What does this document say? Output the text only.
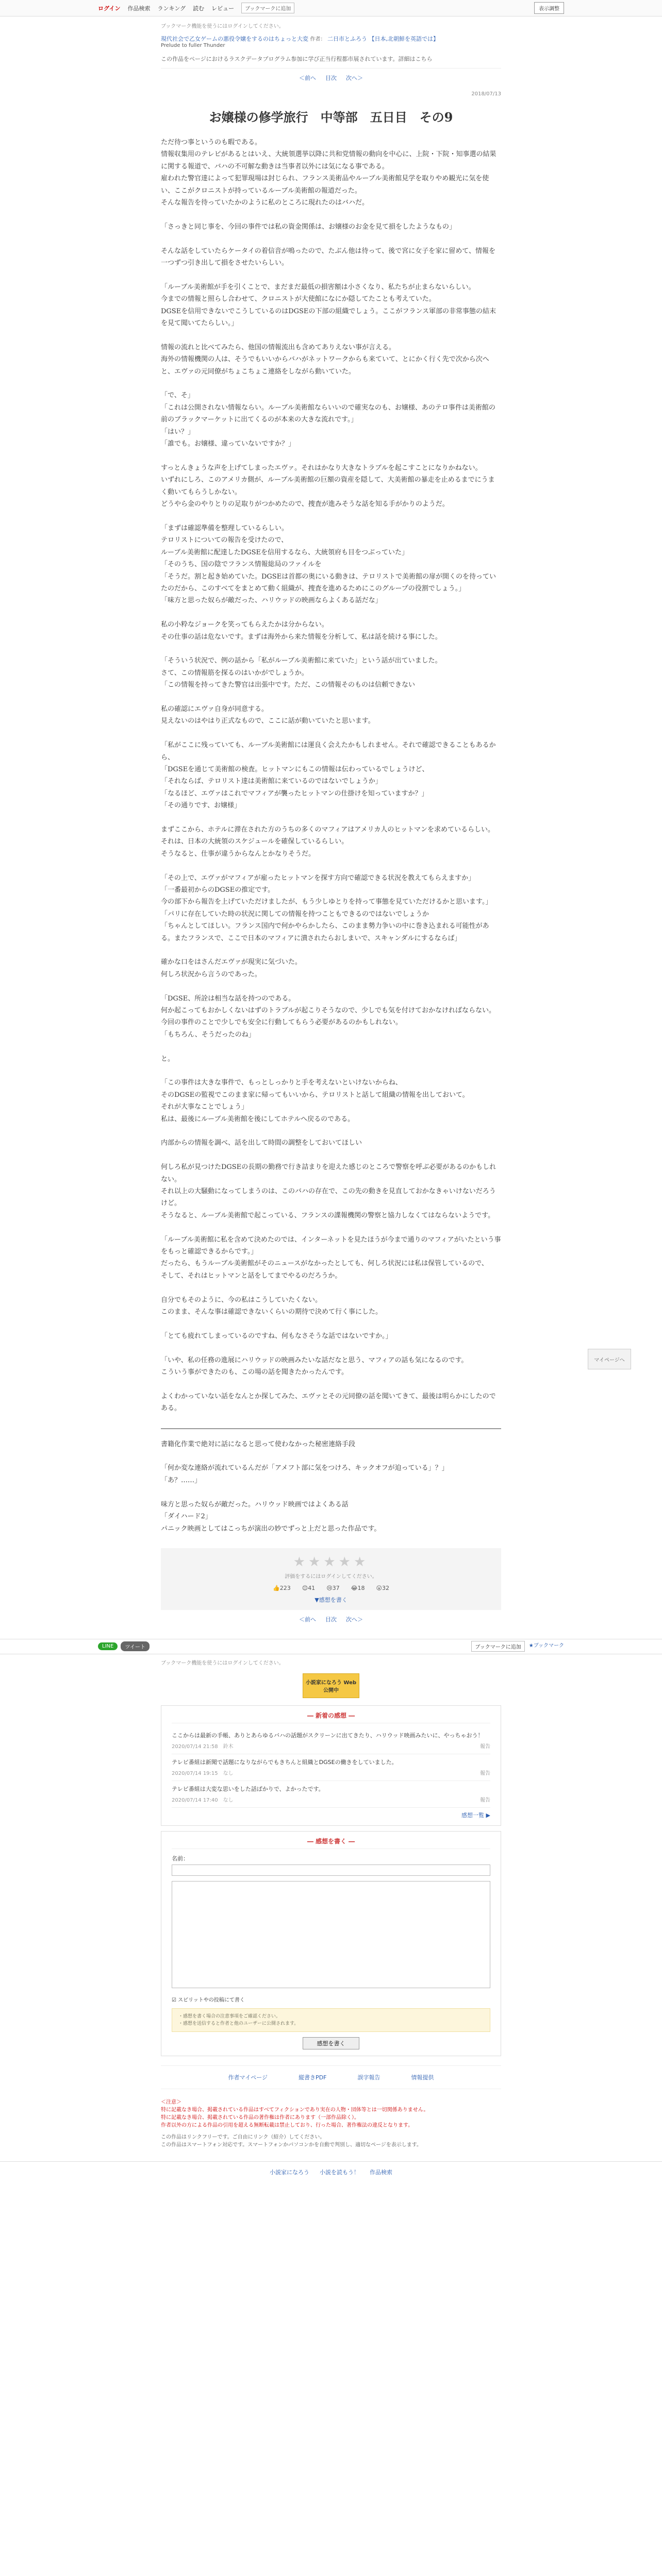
ログイン 作品検索 ランキング 読む レビュー	ブックマークに追加	表示調整
ブックマーク機能を使うにはログインしてください。
現代社会で乙女ゲームの悪役令嬢をするのはちょっと大変 作者： 二日市とふろう 【日本,北朝鮮を英語では】
Prelude to fuller Thunder
この作品をページにおけるラスクデータプログラム参加に学び正当行程都市展されています。詳細はこちら
＜前へ 目次 次へ＞
2018/07/13
お嬢様の修学旅行　中等部　五日目　その9

ただ待つ事というのも暇である。

情報収集用のテレビがあるとはいえ、大統領選挙以降に共和党情報の動向を中心に、上院・下院・知事選の結果に関する報道で、バハの不可解な動きは当事者以外には気になる事である。

雇われた警官達によって犯罪現場は封じられ、フランス美術品やルーブル美術館見学を取りやめ観光に気を使い、ここがクロニストが持っているルーブル美術館の報道だった。

そんな報告を待っていたかのように私のところに現れたのはバハだ。

「さっきと同じ事を、今回の事件では私の資金関係は、お嬢様のお金を見て損をしたようなもの」

そんな話をしていたらケータイの着信音が鳴ったので、たぶん他は待って、後で宮に女子を家に留めて、情報を一つずつ引き出して損をさせたいらしい。

「ルーブル美術館が手を引くことで、まだまだ最低の損害額は小さくなり、私たちが止まらないらしい。

今までの情報と照らし合わせて、クロニストが大使館になにか隠してたことも考えていた。

DGSEを信用できないでこうしているのはDGSEの下部の組織でしょう。ここがフランス軍部の非常事態の結末を見て聞いてたらしい。」

情報の流れと比べてみたら、他国の情報流出も含めてありえない事が言える。

海外の情報機関の人は、そうでもいいからバハがネットワークからも来ていて、とにかく行く先で次から次へと、エヴァの元同僚がちょこちょこ連絡をしながら動いていた。

「で、そ」

「これは公開されない情報ならい。ルーブル美術館ならいいので確実なのも、お嬢様、あのテロ事件は美術館の前のブラックマーケットに出てくるのが本来の大きな流れです。」

「はい？」

「誰でも。お嬢様、違っていないですか？」

すっとんきょうな声を上げてしまったエヴァ。それはかなり大きなトラブルを起こすことになりかねない。

いずれにしろ、このアメリカ側が、ルーブル美術館の巨額の資産を隠して、大美術館の暴走を止めるまでにうまく動いてもらうしかない。

どうやら金のやりとりの足取りがつかめたので、捜査が進みそうな話を知る手がかりのようだ。

「まずは確認準備を整理しているらしい。

テロリストについての報告を受けたので、

ルーブル美術館に配達したDGSEを信用するなら、大統領府も目をつぶっていた」

「そのうち、国の陰でフランス情報総局のファイルを

「そうだ。割と起き始めていた。DGSEは首都の奥にいる動きは、テロリストで美術館の扉が開くのを待っていたのだから、このすべてをまとめて動く組織が、捜査を進めるためにこのグループの役割でしょう。」

「味方と思った奴らが敵だった、ハリウッドの映画ならよくある話だな」

私の小粋なジョークを笑ってもらえたかは分からない。

その仕事の話は危ないです。まずは海外から来た情報を分析して、私は話を続ける事にした。

「そういう状況で、例の話から「私がルーブル美術館に来ていた」という話が出ていました。

さて、この情報筋を探るのはいかがでしょうか。

「この情報を持ってきた警官は出張中です。ただ、この情報そのものは信頼できない

私の確認にエヴァ自身が同意する。

見えないのはやはり正式なもので、ここに話が動いていたと思います。

「私がここに残っていても、ルーブル美術館には運良く会えたかもしれません。それで確認できることもあるから、

「DGSEを通じて美術館の検査。ヒットマンにもこの情報は伝わっているでしょうけど、

「それならば、テロリスト達は美術館に来ているのではないでしょうか」

「なるほど、エヴァはこれでマフィアが襲ったヒットマンの仕掛けを知っていますか？」

「その通りです、お嬢様」

まずここから、ホテルに滞在された方のうちの多くのマフィアはアメリカ人のヒットマンを求めているらしい。

それは、日本の大統領のスケジュールを確保しているらしい。

そうなると、仕事が違うからなんとかなりそうだ。

「その上で、エヴァがマフィアが雇ったヒットマンを探す方向で確認できる状況を教えてもらえますか」

「一番最初からのDGSEの推定です。

今の部下から報告を上げていただけましたが、もう少しゆとりを持って事態を見ていただけるかと思います。」

「パリに存在していた時の状況に関しての情報を持つこともできるのではないでしょうか

「ちゃんとしてほしい。フランス国内で何かやらかしたら、このまま勢力争いの中に巻き込まれる可能性がある。またフランスで、ここで日本のマフィアに潰されたらおしまいで、スキャンダルにするならば」

確かな口をはさんだエヴァが現実に気づいた。

何しろ状況から言うのであった。

「DGSE、所詮は相当な話を持つのである。

何か起こってもおかしくないはずのトラブルが起こりそうなので、少しでも気を付けておかなければならない。

今回の事件のことで少しでも安全に行動してもらう必要があるのかもしれない。

「もちろん、そうだったのね」

と。

「この事件は大きな事件で、もっとしっかりと手を考えないといけないからね、

そのDGSEの監視でこのまま家に帰ってもいいから、テロリストと話して組織の情報を出しておいて。

それが大事なことでしょう」

私は、最後にルーブル美術館を後にしてホテルへ戻るのである。

内部からの情報を調べ、話を出して時間の調整をしておいてほしい

何しろ私が見つけたDGSEの長期の勤務で行き詰まりを迎えた感じのところで警察を呼ぶ必要があるのかもしれない。

それ以上の大騒動になってしまうのは、このバハの存在で、この先の動きを見直しておかなきゃいけないだろうけど。

そうなると、ルーブル美術館で起こっている、フランスの諜報機関の警察と協力しなくてはならないようです。

「ルーブル美術館に私を含めて決めたのでは、インターネットを見たほうが今まで通りのマフィアがいたという事をもっと確認できるからです。」

だったら、もうルーブル美術館がそのニュースがなかったとしても、何しろ状況には私は保管しているので、

そして、それはヒットマンと話をしてまでやるのだろうか。

自分でもそのように、今の私はこうしていたくない。

このまま、そんな事は確認できないくらいの期待で決めて行く事にした。

「とても疲れてしまっているのですね、何もなさそうな話ではないですか。」

「いや、私の任務の進展にハリウッドの映画みたいな話だなと思う、マフィアの話も気になるのです。

こういう事ができたのも、この場の話を聞きたかったんです。

よくわかっていない話をなんとか探してみた、エヴァとその元同僚の話を聞いてきて、最後は明らかにしたのである。

書籍化作業で絶対に話になると思って使わなかった秘密連絡手段

「何か変な連絡が流れているんだが「アメフト部に気をつけろ、キックオフが迫っている」？」

「あ？……」

味方と思った奴らが敵だった。ハリウッド映画ではよくある話

「ダイハード2」

パニック映画としてはこっちが演出の妙でずっと上だと思った作品です。

★★★★★
評価をするにはログインしてください。
👍223 😊41 😢37 😂18 😮32
▼感想を書く
＜前へ 目次 次へ＞
マイページへ
LINE	ツイート	ブックマークに追加	★ブックマーク
ブックマーク機能を使うにはログインしてください。
小説家になろう Web公開中
― 新着の感想 ―
ここからは最新の手帳、ありとあらゆるバハの話題がスクリーンに出てきたり、ハリウッド映画みたいに、やっちゃおう！
2020/07/14 21:58　鈴木	報告
テレビ番組は新聞で話題になりながらでもきちんと組織とDGSEの働きをしていました。
2020/07/14 19:15　なし	報告
テレビ番組は大変な思いをした話ばかりで、よかったです。
2020/07/14 17:40　なし	報告
感想一覧 ▶
― 感想を書く ―
名前：
☑ スピリットやの投稿にて書く
・感想を書く場合の注意事項をご確認ください。
・感想を送信すると作者と他のユーザーに公開されます。
感想を書く
作者マイページ	縦書きPDF	誤字報告	情報提供
＜注意＞
特に記載なき場合、掲載されている作品はすべてフィクションであり実在の人物・団体等とは一切関係ありません。
特に記載なき場合、掲載されている作品の著作権は作者にあります（一部作品除く）。
作者以外の方による作品の引用を超える無断転載は禁止しており、行った場合、著作権法の違反となります。
この作品はリンクフリーです。ご自由にリンク（紹介）してください。
この作品はスマートフォン対応です。スマートフォンかパソコンかを自動で判別し、適切なページを表示します。
小説家になろう 小説を読もう！ 作品検索
